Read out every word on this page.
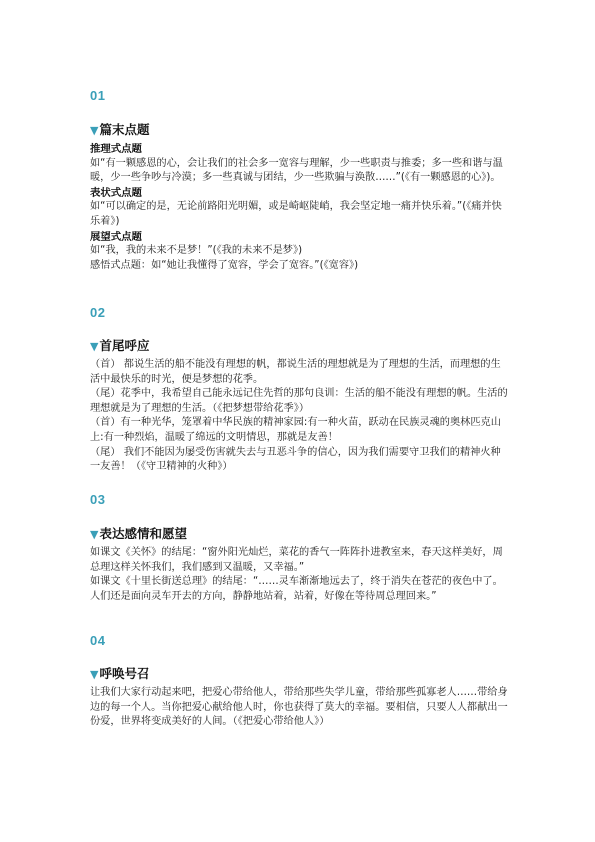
01
▼篇末点题
推理式点题

如“有一颗感恩的心，会让我们的社会多一宽容与理解，少一些职责与推委；多一些和谐与温暖，少一些争吵与冷漠；多一些真诚与团结，少一些欺骗与涣散……”(《有一颗感恩的心》)。

表状式点题

如“可以确定的是，无论前路阳光明媚，或是崎岖陡峭，我会坚定地一痛并快乐着。”(《痛并快乐着》)

展望式点题

如“我，我的未来不是梦！”(《我的未来不是梦》)

感悟式点题：如“她让我懂得了宽容，学会了宽容。”(《宽容》)

02
▼首尾呼应

（首） 都说生活的船不能没有理想的帆，都说生活的理想就是为了理想的生活，而理想的生活中最快乐的时光，便是梦想的花季。

（尾）花季中，我希望自己能永远记住先哲的那句良训：生活的船不能没有理想的帆。生活的理想就是为了理想的生活。（《把梦想带给花季》）

（首）有一种光华，笼罩着中华民族的精神家园:有一种火苗，跃动在民族灵魂的奥林匹克山上:有一种烈焰，温暖了绵远的文明情思，那就是友善！

（尾） 我们不能因为屡受伤害就失去与丑恶斗争的信心，因为我们需要守卫我们的精神火种一友善！（《守卫精神的火种》）

03
▼表达感情和愿望

如课文《关怀》的结尾：“窗外阳光灿烂，菜花的香气一阵阵扑进教室来，春天这样美好，周总理这样关怀我们，我们感到又温暖，又幸福。”

如课文《十里长街送总理》的结尾：“……灵车渐渐地远去了，终于消失在苍茫的夜色中了。人们还是面向灵车开去的方向，静静地站着，站着，好像在等待周总理回来。”

04
▼呼唤号召

让我们大家行动起来吧，把爱心带给他人，带给那些失学儿童，带给那些孤寡老人……带给身边的每一个人。当你把爱心献给他人时，你也获得了莫大的幸福。要相信，只要人人都献出一份爱，世界将变成美好的人间。（《把爱心带给他人》）
